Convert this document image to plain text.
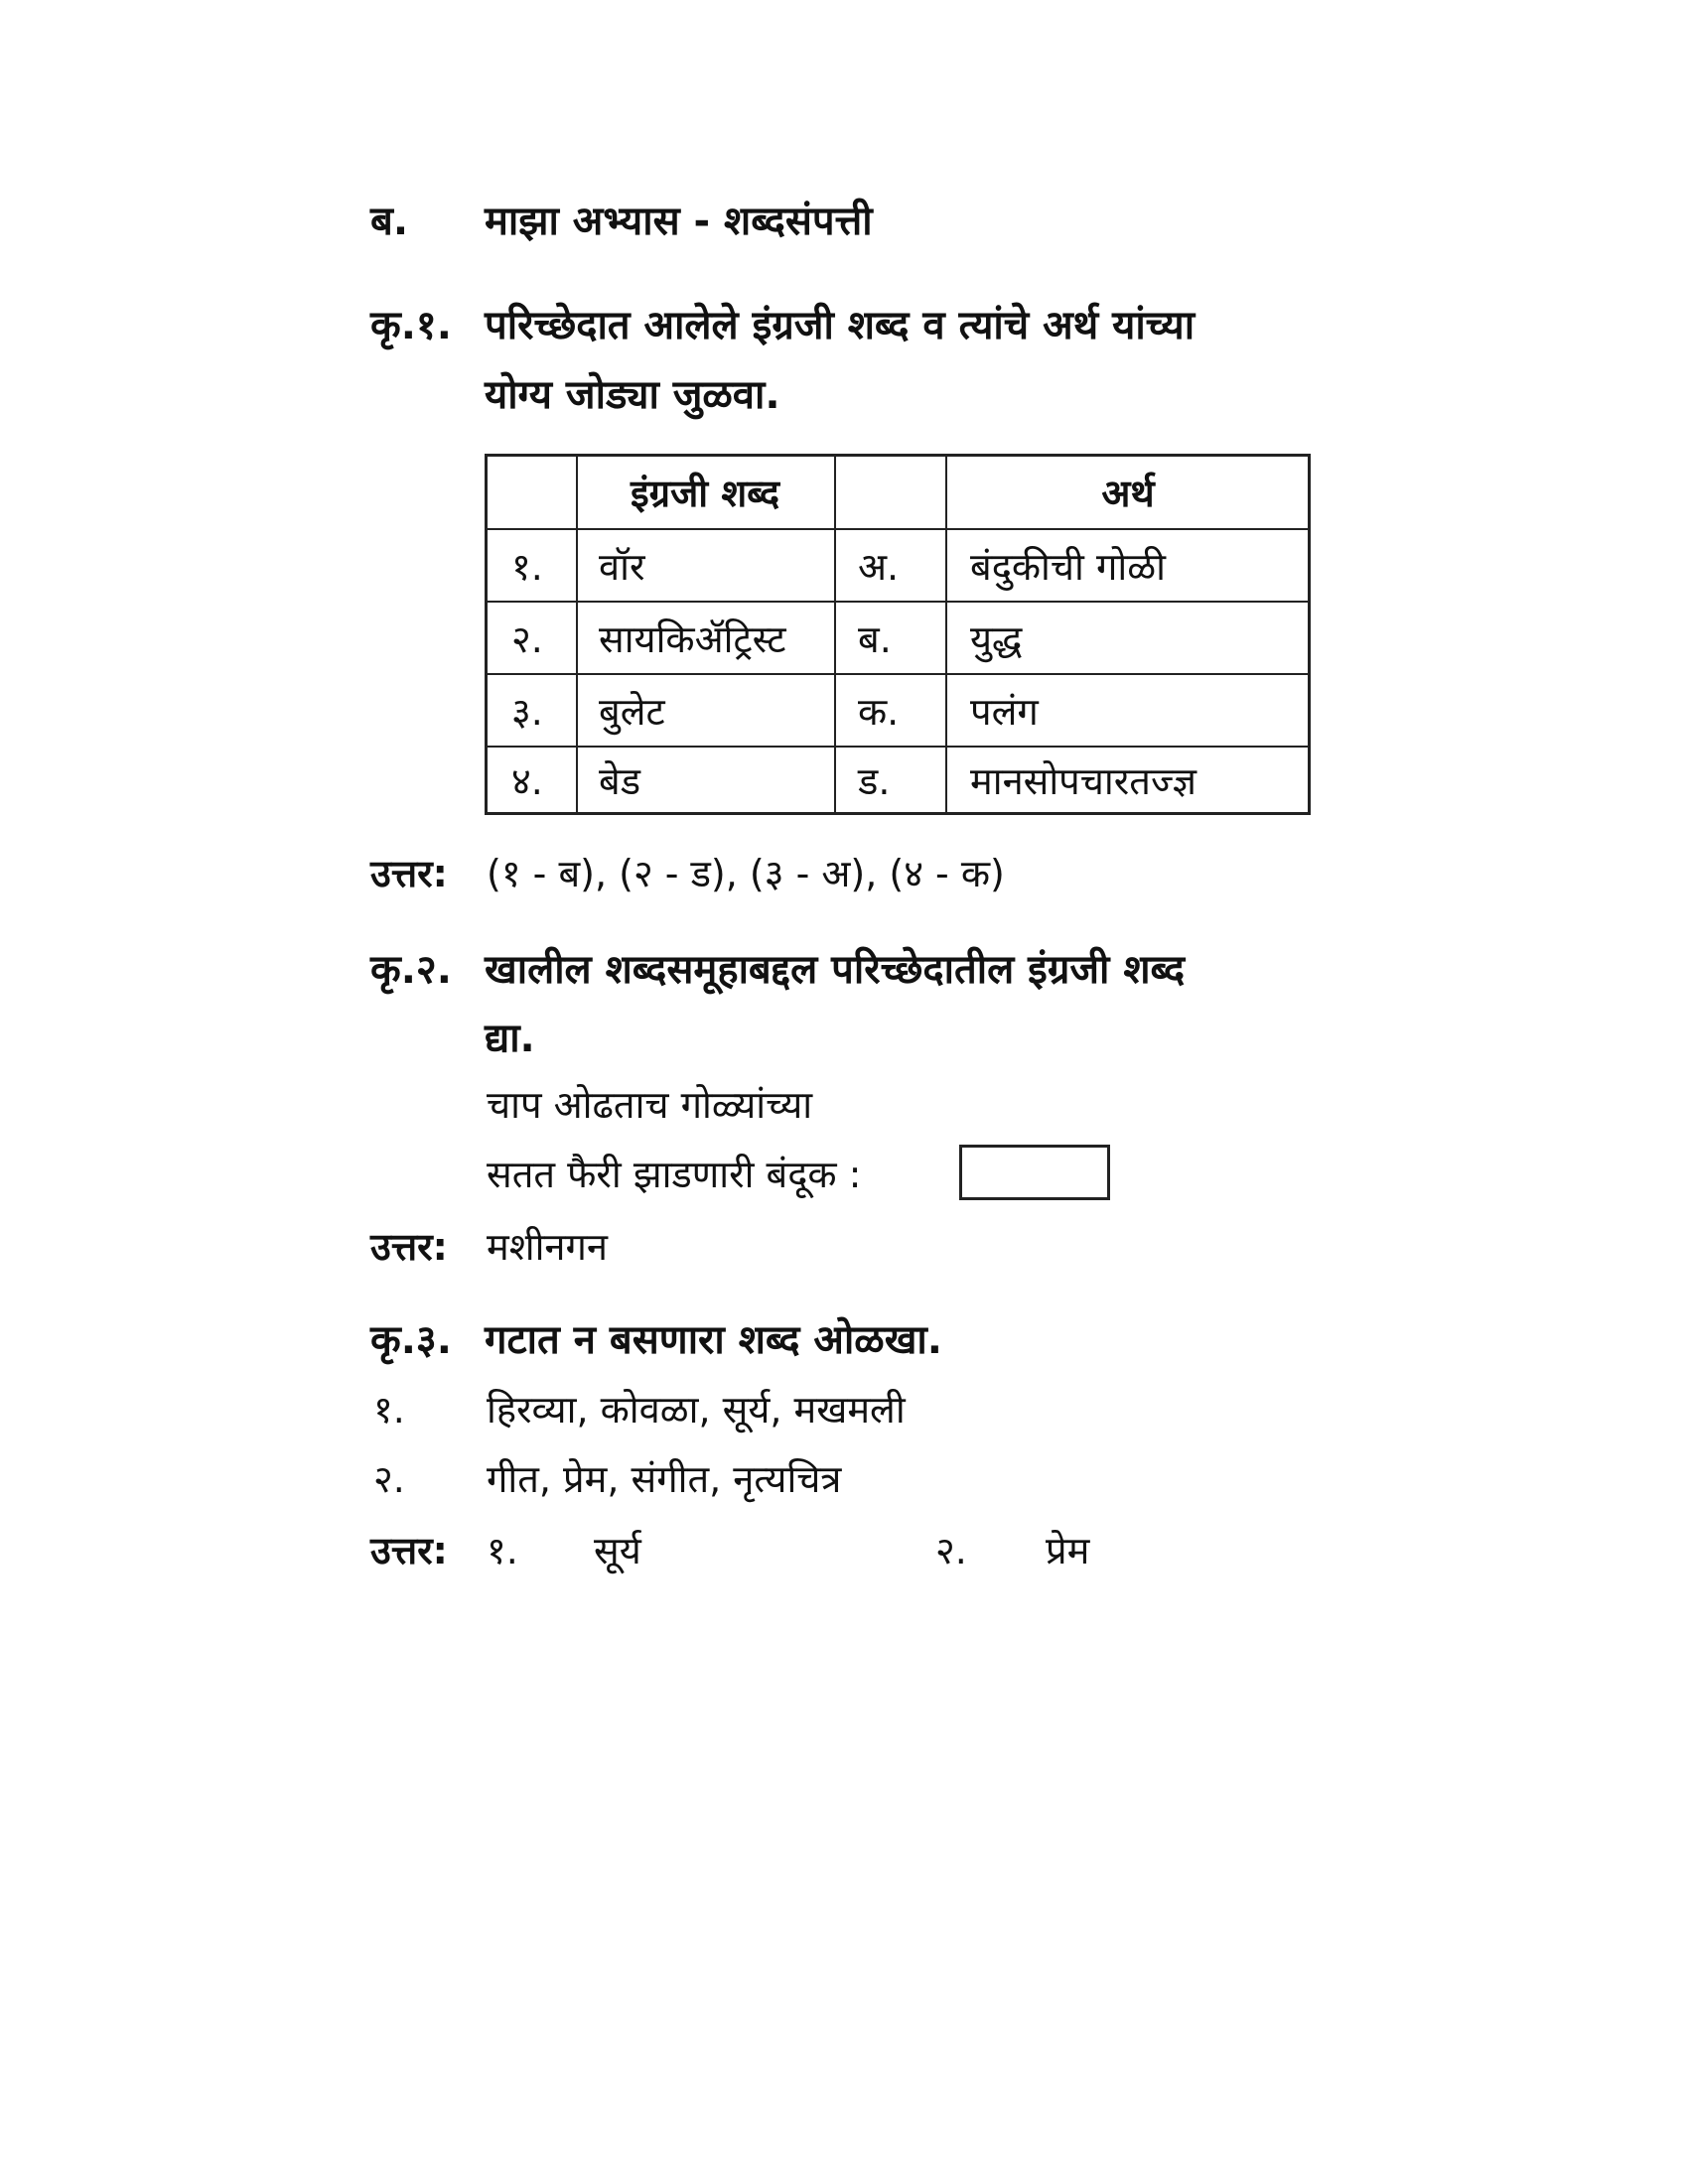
ब. माझा अभ्यास - शब्दसंपत्ती
कृ.१. परिच्छेदात आलेले इंग्रजी शब्द व त्यांचे अर्थ यांच्या
योग्य जोड्या जुळवा.
इंग्रजी शब्द	अर्थ
१. वॉर	अ. बंदुकीची गोळी
२. सायकिॲट्रिस्ट ब. युद्ध
३. बुलेट	क. पलंग
४. बेड	ड. मानसोपचारतज्ज्ञ
उत्तर: (१ - ब), (२ - ड), (३ - अ), (४ - क)
कृ.२. खालील शब्दसमूहाबद्दल परिच्छेदातील इंग्रजी शब्द
द्या.
चाप ओढताच गोळ्यांच्या
सतत फैरी झाडणारी बंदूक :
उत्तर: मशीनगन
कृ.३. गटात न बसणारा शब्द ओळखा.
१. हिरव्या, कोवळा, सूर्य, मखमली
२. गीत, प्रेम, संगीत, नृत्यचित्र
उत्तर: १. सूर्य	२. प्रेम
